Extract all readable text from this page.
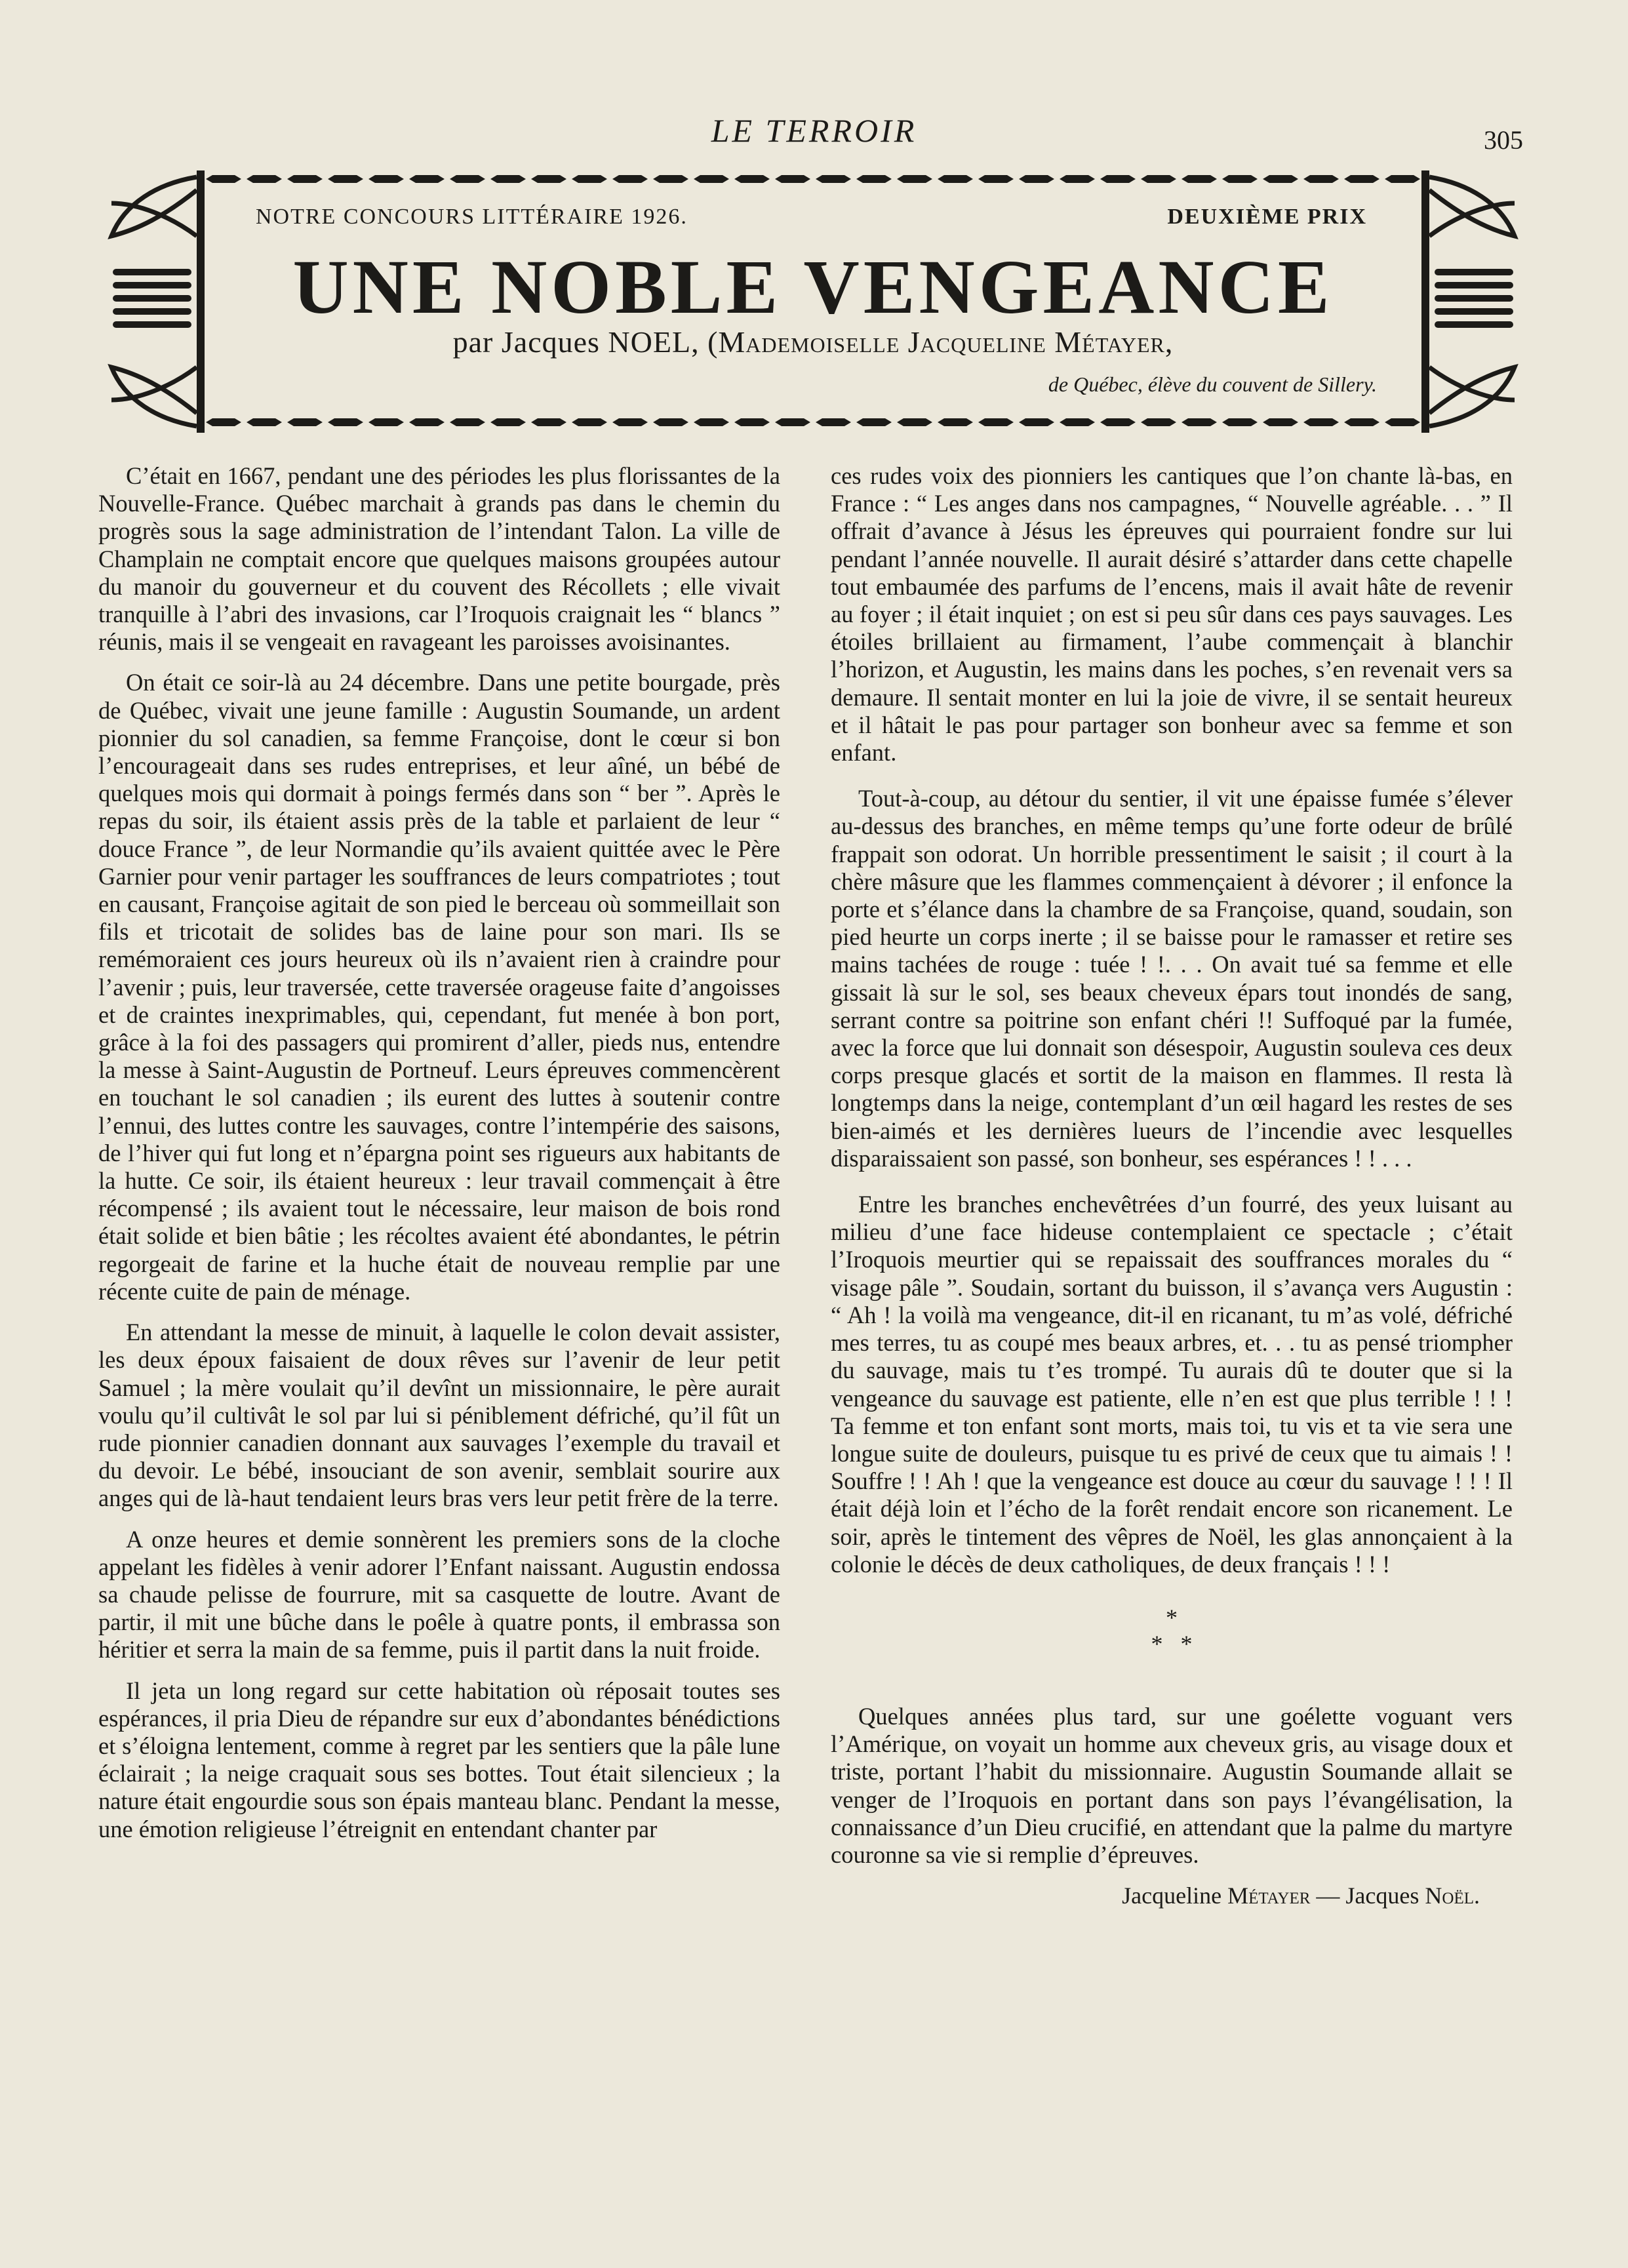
LE TERROIR	305
NOTRE CONCOURS LITTÉRAIRE 1926.	DEUXIÈME PRIX
UNE NOBLE VENGEANCE
par Jacques NOEL, (Mademoiselle Jacqueline Métayer,
de Québec, élève du couvent de Sillery.

C’était en 1667, pendant une des périodes les plus florissantes de la Nouvelle-France. Québec marchait à grands pas dans le chemin du progrès sous la sage administration de l’intendant Talon. La ville de Champlain ne comptait encore que quelques maisons groupées autour du manoir du gouverneur et du couvent des Récollets ; elle vivait tranquille à l’abri des invasions, car l’Iroquois craignait les “ blancs ” réunis, mais il se vengeait en ravageant les paroisses avoisinantes.

On était ce soir-là au 24 décembre. Dans une petite bourgade, près de Québec, vivait une jeune famille : Augustin Soumande, un ardent pionnier du sol canadien, sa femme Françoise, dont le cœur si bon l’encourageait dans ses rudes entreprises, et leur aîné, un bébé de quelques mois qui dormait à poings fermés dans son “ ber ”. Après le repas du soir, ils étaient assis près de la table et parlaient de leur “ douce France ”, de leur Normandie qu’ils avaient quittée avec le Père Garnier pour venir partager les souffrances de leurs compatriotes ; tout en causant, Françoise agitait de son pied le berceau où sommeillait son fils et tricotait de solides bas de laine pour son mari. Ils se remémoraient ces jours heureux où ils n’avaient rien à craindre pour l’avenir ; puis, leur traversée, cette traversée orageuse faite d’angoisses et de craintes inexprimables, qui, cependant, fut menée à bon port, grâce à la foi des passagers qui promirent d’aller, pieds nus, entendre la messe à Saint-Augustin de Portneuf. Leurs épreuves commencèrent en touchant le sol canadien ; ils eurent des luttes à soutenir contre l’ennui, des luttes contre les sauvages, contre l’intempérie des saisons, de l’hiver qui fut long et n’épargna point ses rigueurs aux habitants de la hutte. Ce soir, ils étaient heureux : leur travail commençait à être récompensé ; ils avaient tout le nécessaire, leur maison de bois rond était solide et bien bâtie ; les récoltes avaient été abondantes, le pétrin regorgeait de farine et la huche était de nouveau remplie par une récente cuite de pain de ménage.

En attendant la messe de minuit, à laquelle le colon devait assister, les deux époux faisaient de doux rêves sur l’avenir de leur petit Samuel ; la mère voulait qu’il devînt un missionnaire, le père aurait voulu qu’il cultivât le sol par lui si péniblement défriché, qu’il fût un rude pionnier canadien donnant aux sauvages l’exemple du travail et du devoir. Le bébé, insouciant de son avenir, semblait sourire aux anges qui de là-haut tendaient leurs bras vers leur petit frère de la terre.

A onze heures et demie sonnèrent les premiers sons de la cloche appelant les fidèles à venir adorer l’Enfant naissant. Augustin endossa sa chaude pelisse de fourrure, mit sa casquette de loutre. Avant de partir, il mit une bûche dans le poêle à quatre ponts, il embrassa son héritier et serra la main de sa femme, puis il partit dans la nuit froide.

Il jeta un long regard sur cette habitation où réposait toutes ses espérances, il pria Dieu de répandre sur eux d’abondantes bénédictions et s’éloigna lentement, comme à regret par les sentiers que la pâle lune éclairait ; la neige craquait sous ses bottes. Tout était silencieux ; la nature était engourdie sous son épais manteau blanc. Pendant la messe, une émotion religieuse l’étreignit en entendant chanter par

ces rudes voix des pionniers les cantiques que l’on chante là-bas, en France : “ Les anges dans nos campagnes, “ Nouvelle agréable. . . ” Il offrait d’avance à Jésus les épreuves qui pourraient fondre sur lui pendant l’année nouvelle. Il aurait désiré s’attarder dans cette chapelle tout embaumée des parfums de l’encens, mais il avait hâte de revenir au foyer ; il était inquiet ; on est si peu sûr dans ces pays sauvages. Les étoiles brillaient au firmament, l’aube commençait à blanchir l’horizon, et Augustin, les mains dans les poches, s’en revenait vers sa demaure. Il sentait monter en lui la joie de vivre, il se sentait heureux et il hâtait le pas pour partager son bonheur avec sa femme et son enfant.

Tout-à-coup, au détour du sentier, il vit une épaisse fumée s’élever au-dessus des branches, en même temps qu’une forte odeur de brûlé frappait son odorat. Un horrible pressentiment le saisit ; il court à la chère mâsure que les flammes commençaient à dévorer ; il enfonce la porte et s’élance dans la chambre de sa Françoise, quand, soudain, son pied heurte un corps inerte ; il se baisse pour le ramasser et retire ses mains tachées de rouge : tuée ! !. . . On avait tué sa femme et elle gissait là sur le sol, ses beaux cheveux épars tout inondés de sang, serrant contre sa poitrine son enfant chéri !! Suffoqué par la fumée, avec la force que lui donnait son désespoir, Augustin souleva ces deux corps presque glacés et sortit de la maison en flammes. Il resta là longtemps dans la neige, contemplant d’un œil hagard les restes de ses bien-aimés et les dernières lueurs de l’incendie avec lesquelles disparaissaient son passé, son bonheur, ses espérances ! ! . . .

Entre les branches enchevêtrées d’un fourré, des yeux luisant au milieu d’une face hideuse contemplaient ce spectacle ; c’était l’Iroquois meurtier qui se repaissait des souffrances morales du “ visage pâle ”. Soudain, sortant du buisson, il s’avança vers Augustin : “ Ah ! la voilà ma vengeance, dit-il en ricanant, tu m’as volé, défriché mes terres, tu as coupé mes beaux arbres, et. . . tu as pensé triompher du sauvage, mais tu t’es trompé. Tu aurais dû te douter que si la vengeance du sauvage est patiente, elle n’en est que plus terrible ! ! ! Ta femme et ton enfant sont morts, mais toi, tu vis et ta vie sera une longue suite de douleurs, puisque tu es privé de ceux que tu aimais ! ! Souffre ! ! Ah ! que la vengeance est douce au cœur du sauvage ! ! ! Il était déjà loin et l’écho de la forêt rendait encore son ricanement. Le soir, après le tintement des vêpres de Noël, les glas annonçaient à la colonie le décès de deux catholiques, de deux français ! ! !

*
*   *

Quelques années plus tard, sur une goélette voguant vers l’Amérique, on voyait un homme aux cheveux gris, au visage doux et triste, portant l’habit du missionnaire. Augustin Soumande allait se venger de l’Iroquois en portant dans son pays l’évangélisation, la connaissance d’un Dieu crucifié, en attendant que la palme du martyre couronne sa vie si remplie d’épreuves.

Jacqueline Métayer — Jacques Noël.
